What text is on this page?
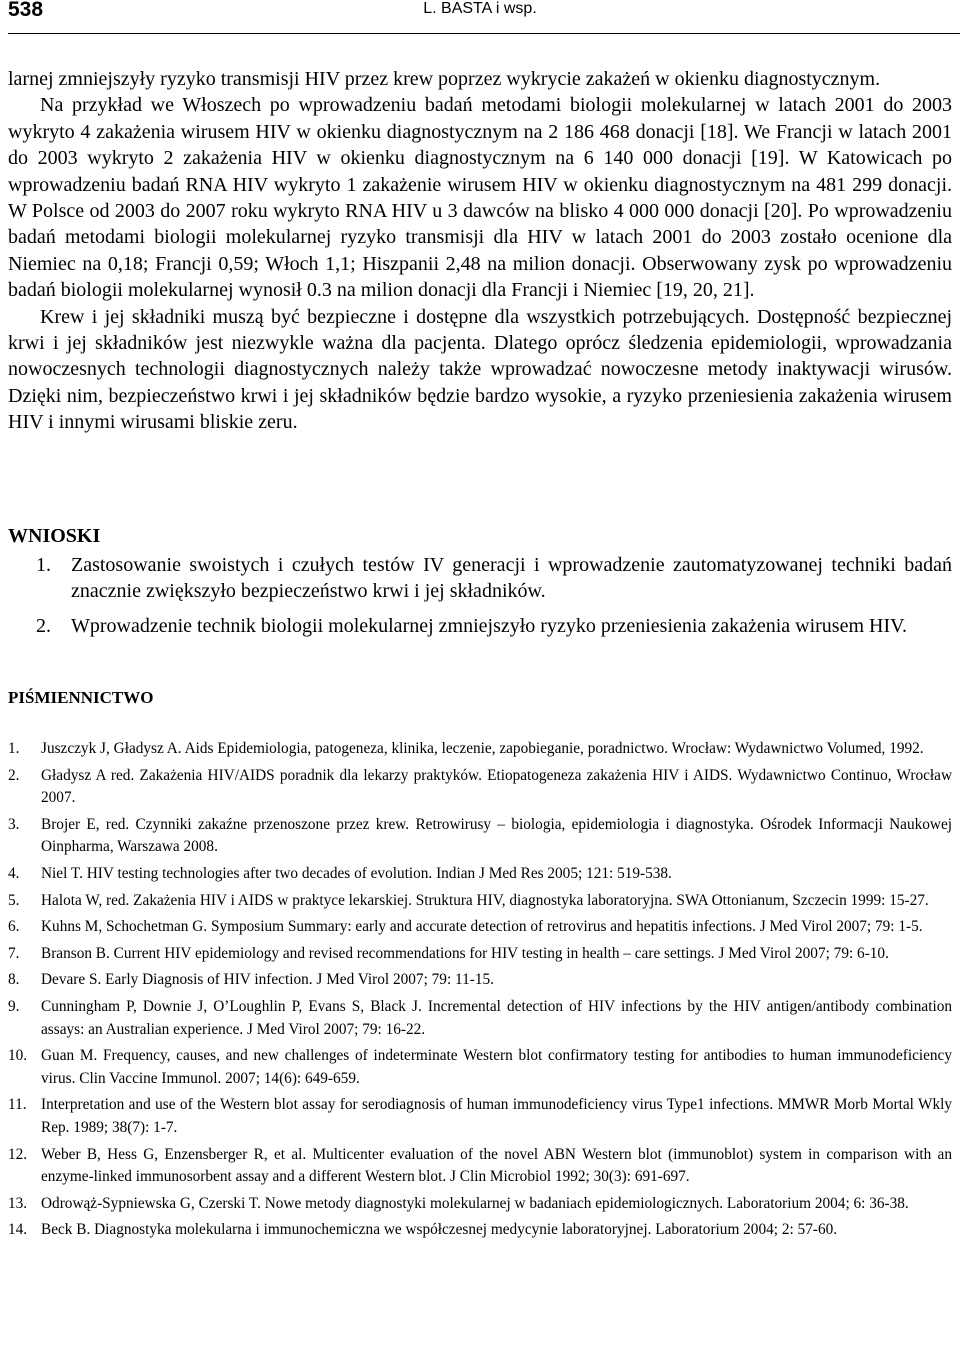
538	L. BASTA i wsp.

larnej zmniejszyły ryzyko transmisji HIV przez krew poprzez wykrycie zakażeń w okienku diagnostycznym.

Na przykład we Włoszech po wprowadzeniu badań metodami biologii molekularnej w latach 2001 do 2003 wykryto 4 zakażenia wirusem HIV w okienku diagnostycznym na 2 186 468 donacji [18]. We Francji w latach 2001 do 2003 wykryto 2 zakażenia HIV w okienku diagnostycznym na 6 140 000 donacji [19]. W Katowicach po wprowadzeniu badań RNA HIV wykryto 1 zakażenie wirusem HIV w okienku diagnostycznym na 481 299 donacji. W Polsce od 2003 do 2007 roku wykryto RNA HIV u 3 dawców na blisko 4 000 000 donacji [20]. Po wprowadzeniu badań metodami biologii molekularnej ryzyko transmisji dla HIV w latach 2001 do 2003 zostało ocenione dla Niemiec na 0,18; Francji 0,59; Włoch 1,1; Hiszpanii 2,48 na milion donacji. Obserwowany zysk po wprowadzeniu badań biologii molekularnej wynosił 0.3 na milion donacji dla Francji i Niemiec [19, 20, 21].

Krew i jej składniki muszą być bezpieczne i dostępne dla wszystkich potrzebujących. Dostępność bezpiecznej krwi i jej składników jest niezwykle ważna dla pacjenta. Dlatego oprócz śledzenia epidemiologii, wprowadzania nowoczesnych technologii diagnostycznych należy także wprowadzać nowoczesne metody inaktywacji wirusów. Dzięki nim, bezpieczeństwo krwi i jej składników będzie bardzo wysokie, a ryzyko przeniesienia zakażenia wirusem HIV i innymi wirusami bliskie zeru.

WNIOSKI
1. Zastosowanie swoistych i czułych testów IV generacji i wprowadzenie zautomatyzowanej techniki badań znacznie zwiększyło bezpieczeństwo krwi i jej składników.
2. Wprowadzenie technik biologii molekularnej zmniejszyło ryzyko przeniesienia zakażenia wirusem HIV.
PIŚMIENNICTWO
1. Juszczyk J, Gładysz A. Aids Epidemiologia, patogeneza, klinika, leczenie, zapobieganie, poradnictwo. Wrocław: Wydawnictwo Volumed, 1992.
2. Gładysz A red. Zakażenia HIV/AIDS poradnik dla lekarzy praktyków. Etiopatogeneza zakażenia HIV i AIDS. Wydawnictwo Continuo, Wrocław 2007.
3. Brojer E, red. Czynniki zakaźne przenoszone przez krew. Retrowirusy – biologia, epidemiologia i diagnostyka. Ośrodek Informacji Naukowej Oinpharma, Warszawa 2008.
4. Niel T. HIV testing technologies after two decades of evolution. Indian J Med Res 2005; 121: 519-538.
5. Halota W, red. Zakażenia HIV i AIDS w praktyce lekarskiej. Struktura HIV, diagnostyka laboratoryjna. SWA Ottonianum, Szczecin 1999: 15-27.
6. Kuhns M, Schochetman G. Symposium Summary: early and accurate detection of retrovirus and hepatitis infections. J Med Virol 2007; 79: 1-5.
7. Branson B. Current HIV epidemiology and revised recommendations for HIV testing in health – care settings. J Med Virol 2007; 79: 6-10.
8. Devare S. Early Diagnosis of HIV infection. J Med Virol 2007; 79: 11-15.
9. Cunningham P, Downie J, O’Loughlin P, Evans S, Black J. Incremental detection of HIV infections by the HIV antigen/antibody combination assays: an Australian experience. J Med Virol 2007; 79: 16-22.
10. Guan M. Frequency, causes, and new challenges of indeterminate Western blot confirmatory testing for antibodies to human immunodeficiency virus. Clin Vaccine Immunol. 2007; 14(6): 649-659.
11. Interpretation and use of the Western blot assay for serodiagnosis of human immunodeficiency virus Type1 infections. MMWR Morb Mortal Wkly Rep. 1989; 38(7): 1-7.
12. Weber B, Hess G, Enzensberger R, et al. Multicenter evaluation of the novel ABN Western blot (immunoblot) system in comparison with an enzyme-linked immunosorbent assay and a different Western blot. J Clin Microbiol 1992; 30(3): 691-697.
13. Odrowąż-Sypniewska G, Czerski T. Nowe metody diagnostyki molekularnej w badaniach epidemiologicznych. Laboratorium 2004; 6: 36-38.
14. Beck B. Diagnostyka molekularna i immunochemiczna we współczesnej medycynie laboratoryjnej. Laboratorium 2004; 2: 57-60.
